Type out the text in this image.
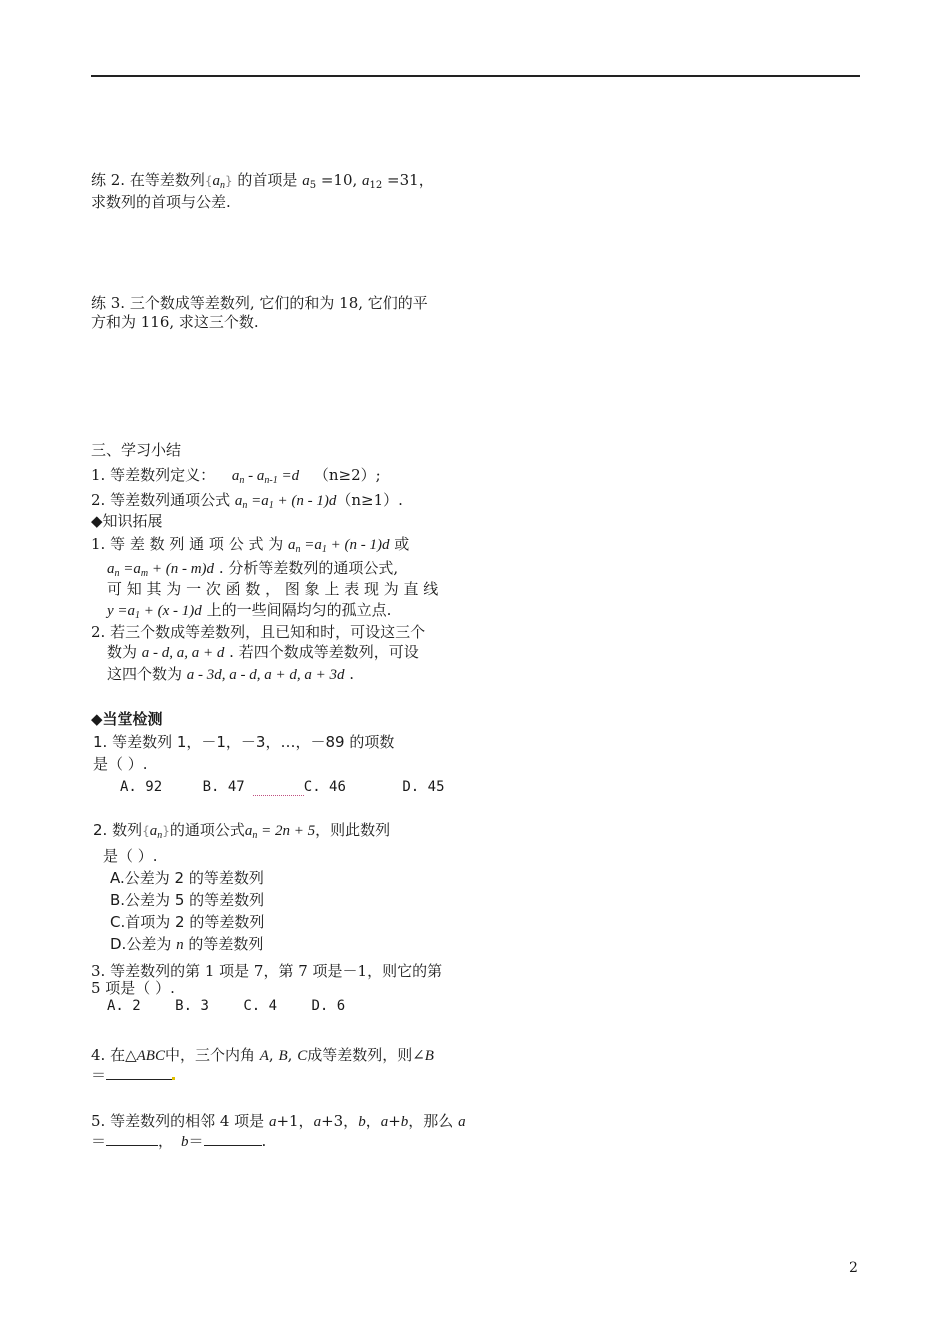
练 2. 在等差数列$\{a_n\}$ 的首项是 $a_5 =10$, $a_{12} =31$，
求数列的首项与公差.
练 3. 三个数成等差数列, 它们的和为 18, 它们的平
方和为 116, 求这三个数.
三、学习小结
1. 等差数列定义： $a_n - a_{n-1} =d$ （n≥2）;
2. 等差数列通项公式 $a_n =a_1 + (n - 1)d(n\ge 1)$.
◆知识拓展
1. 等 差 数 列 通 项 公 式 为 $a_n =a_1 + (n - 1)d$ 或
$a_n =a_m + (n - m)d$ . 分析等差数列的通项公式,
可 知 其 为 一 次 函 数 ， 图 象 上 表 现 为 直 线
$y =a_1 + (x - 1)d$ 上的一些间隔均匀的孤立点.
2. 若三个数成等差数列，且已知和时，可设这三个
数为 a - d, a, a + d . 若四个数成等差数列，可设
这四个数为 a - 3d, a - d, a + d, a + 3d .
◆当堂检测
1. 等差数列 1，－1，－3，…，－89 的项数
是（ ）.
A. 92	B. 47	C. 46	D. 45
2. 数列$\{a_n\}$的通项公式$a_n = 2n + 5$，则此数列
是（ ）.
A.公差为 2 的等差数列
B.公差为 5 的等差数列
C.首项为 2 的等差数列
D.公差为 n 的等差数列
3. 等差数列的第 1 项是 7，第 7 项是－1，则它的第
5 项是（ ）.
A. 2 B. 3 C. 4 D. 6
4. 在△ABC中，三个内角 A, B, C成等差数列，则∠B
＝
5. 等差数列的相邻 4 项是 a+1，a+3，b，a+b，那么 a
＝	， b＝	.
2
